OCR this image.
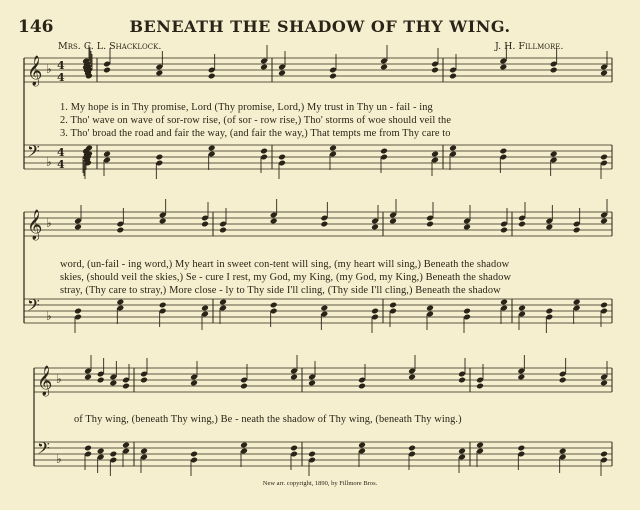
146	BENEATH THE SHADOW OF THY WING.
Mrs. C. L. Shacklock.	J. H. Fillmore.
𝄞 ♭ 4
4
𝄢 ♭
4
4
𝄞 ♭
𝄢 ♭
𝄞 ♭
𝄢 ♭
1. My hope is in Thy promise, Lord (Thy promise, Lord,) My trust in Thy un - fail - ing
2. Tho' wave on wave of sor-row rise, (of sor - row rise,) Tho' storms of woe should veil the
3. Tho' broad the road and fair the way, (and fair the way,) That tempts me from Thy care to
word, (un-fail - ing word,) My heart in sweet con-tent will sing, (my heart will sing,) Beneath the shadow
skies, (should veil the skies,) Se - cure I rest, my God, my King, (my God, my King,) Beneath the shadow
stray, (Thy care to stray,) More close - ly to Thy side I'll cling, (Thy side I'll cling,) Beneath the shadow
of Thy wing, (beneath Thy wing,) Be - neath the shadow of Thy wing, (beneath Thy wing.)
New arr. copyright, 1890, by Fillmore Bros.
